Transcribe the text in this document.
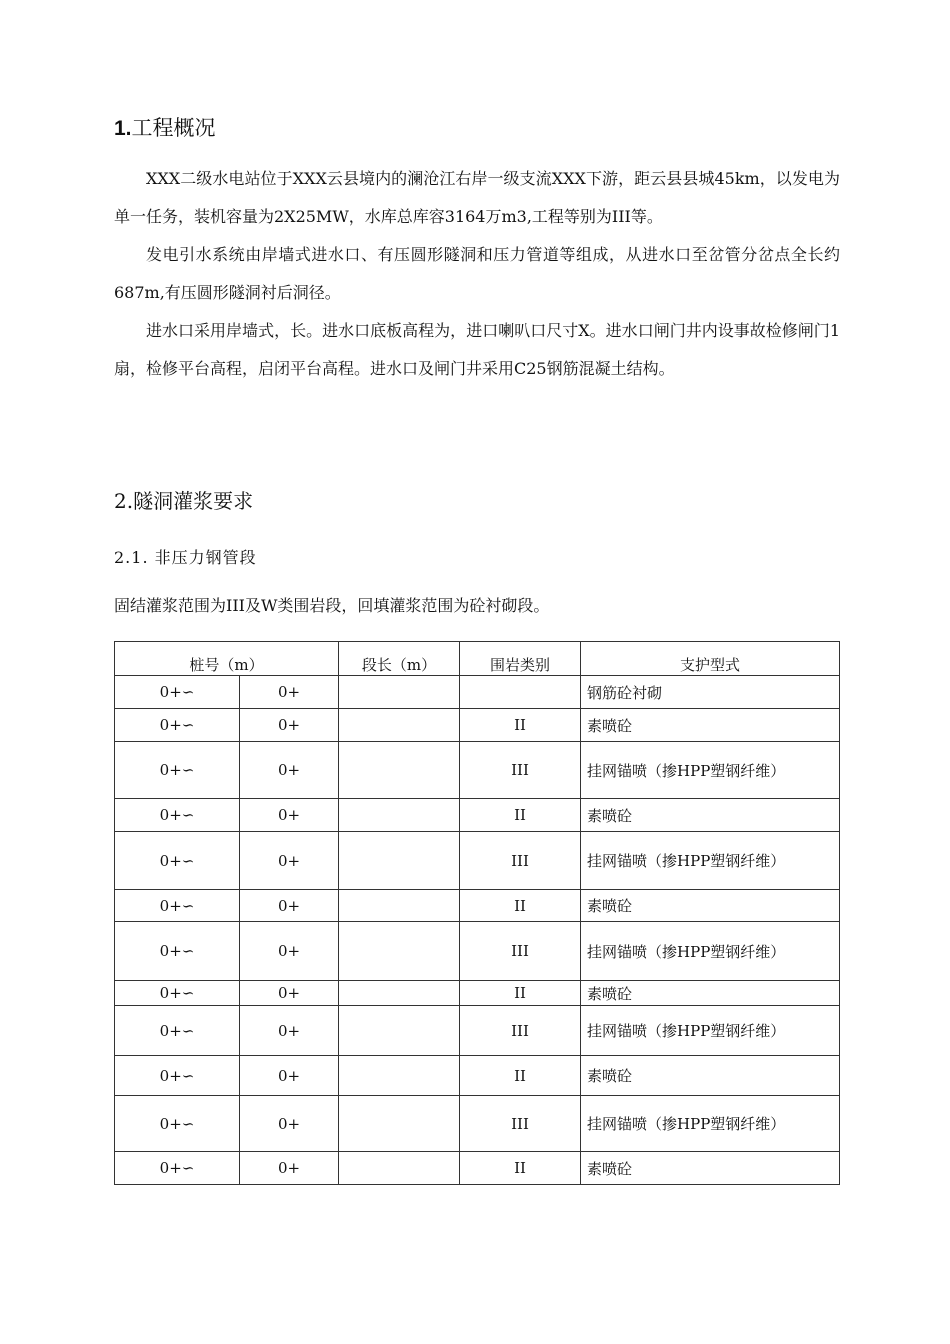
1.工程概况

XXX二级水电站位于XXX云县境内的澜沧江右岸一级支流XXX下游，距云县县城45km，以发电为单一任务，装机容量为2X25MW，水库总库容3164万m3,工程等别为III等。

发电引水系统由岸墙式进水口、有压圆形隧洞和压力管道等组成，从进水口至岔管分岔点全长约687m,有压圆形隧洞衬后洞径。

进水口采用岸墙式，长。进水口底板高程为，进口喇叭口尺寸X。进水口闸门井内设事故检修闸门1扇，检修平台高程，启闭平台高程。进水口及闸门井采用C25钢筋混凝土结构。

2.隧洞灌浆要求
2.1. 非压力钢管段
固结灌浆范围为III及W类围岩段，回填灌浆范围为砼衬砌段。
桩号（m）		段长（m）	围岩类别	支护型式
0+∽	0+			钢筋砼衬砌
0+∽	0+		II	素喷砼
0+∽	0+		III	挂网锚喷（掺HPP塑钢纤维）
0+∽	0+		II	素喷砼
0+∽	0+		III	挂网锚喷（掺HPP塑钢纤维）
0+∽	0+		II	素喷砼
0+∽	0+		III	挂网锚喷（掺HPP塑钢纤维）
0+∽	0+		II	素喷砼
0+∽	0+		III	挂网锚喷（掺HPP塑钢纤维）
0+∽	0+		II	素喷砼
0+∽	0+		III	挂网锚喷（掺HPP塑钢纤维）
0+∽	0+		II	素喷砼
